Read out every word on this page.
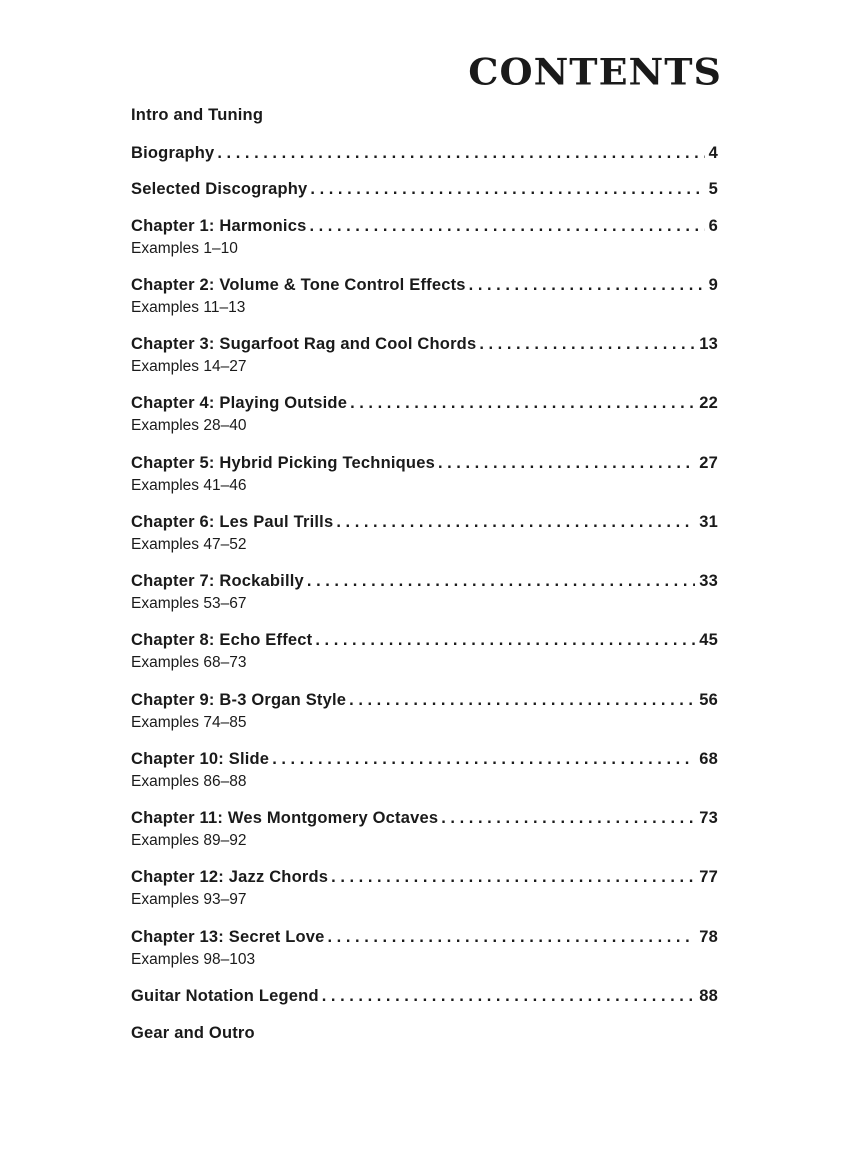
CONTENTS
Intro and Tuning
Biography . . .	4
Selected Discography . . .	5
Chapter 1: Harmonics . . .	6
Examples 1–10
Chapter 2: Volume & Tone Control Effects . . .	9
Examples 11–13
Chapter 3: Sugarfoot Rag and Cool Chords . . .	13
Examples 14–27
Chapter 4: Playing Outside . . .	22
Examples 28–40
Chapter 5: Hybrid Picking Techniques . . .	27
Examples 41–46
Chapter 6: Les Paul Trills . . .	31
Examples 47–52
Chapter 7: Rockabilly . . .	33
Examples 53–67
Chapter 8: Echo Effect . . .	45
Examples 68–73
Chapter 9: B-3 Organ Style . . .	56
Examples 74–85
Chapter 10: Slide . . .	68
Examples 86–88
Chapter 11: Wes Montgomery Octaves . . .	73
Examples 89–92
Chapter 12: Jazz Chords . . .	77
Examples 93–97
Chapter 13: Secret Love . . .	78
Examples 98–103
Guitar Notation Legend . . .	88
Gear and Outro
